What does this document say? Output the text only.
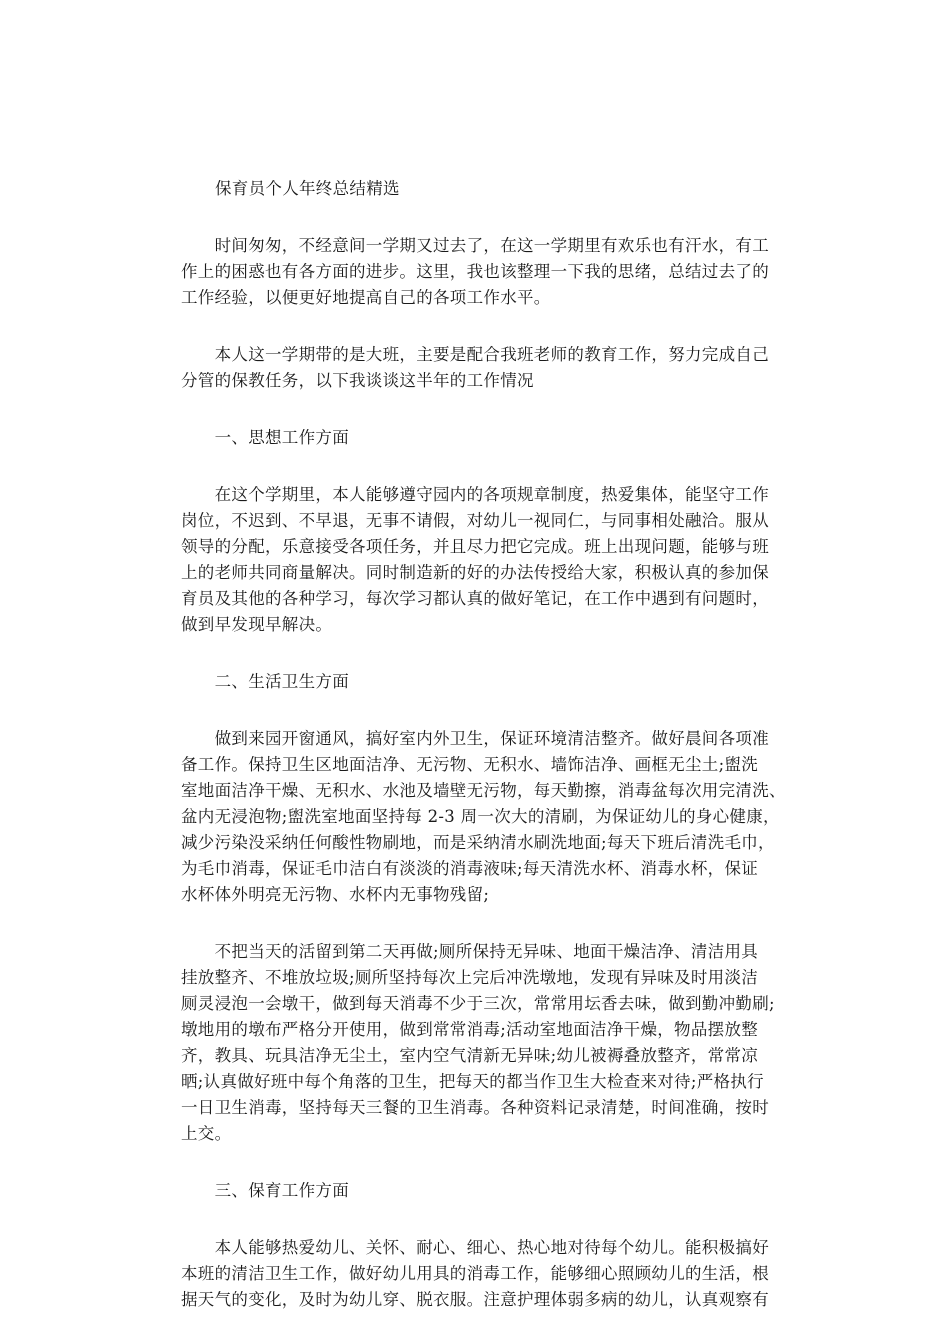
保育员个人年终总结精选
　　时间匆匆，不经意间一学期又过去了，在这一学期里有欢乐也有汗水，有工
作上的困惑也有各方面的进步。这里，我也该整理一下我的思绪，总结过去了的
工作经验，以便更好地提高自己的各项工作水平。
　　本人这一学期带的是大班，主要是配合我班老师的教育工作，努力完成自己
分管的保教任务，以下我谈谈这半年的工作情况
　　一、思想工作方面
　　在这个学期里，本人能够遵守园内的各项规章制度，热爱集体，能坚守工作
岗位，不迟到、不早退，无事不请假，对幼儿一视同仁，与同事相处融洽。服从
领导的分配，乐意接受各项任务，并且尽力把它完成。班上出现问题，能够与班
上的老师共同商量解决。同时制造新的好的办法传授给大家，积极认真的参加保
育员及其他的各种学习，每次学习都认真的做好笔记，在工作中遇到有问题时，
做到早发现早解决。
　　二、生活卫生方面
　　做到来园开窗通风，搞好室内外卫生，保证环境清洁整齐。做好晨间各项准
备工作。保持卫生区地面洁净、无污物、无积水、墙饰洁净、画框无尘土;盥洗
室地面洁净干燥、无积水、水池及墙壁无污物，每天勤擦，消毒盆每次用完清洗、
盆内无浸泡物;盥洗室地面坚持每 2-3 周一次大的清刷，为保证幼儿的身心健康，
减少污染没采纳任何酸性物刷地，而是采纳清水刷洗地面;每天下班后清洗毛巾，
为毛巾消毒，保证毛巾洁白有淡淡的消毒液味;每天清洗水杯、消毒水杯，保证
水杯体外明亮无污物、水杯内无事物残留;
　　不把当天的活留到第二天再做;厕所保持无异味、地面干燥洁净、清洁用具
挂放整齐、不堆放垃圾;厕所坚持每次上完后冲洗墩地，发现有异味及时用淡洁
厕灵浸泡一会墩干，做到每天消毒不少于三次，常常用坛香去味，做到勤冲勤刷;
墩地用的墩布严格分开使用，做到常常消毒;活动室地面洁净干燥，物品摆放整
齐，教具、玩具洁净无尘土，室内空气清新无异味;幼儿被褥叠放整齐，常常凉
晒;认真做好班中每个角落的卫生，把每天的都当作卫生大检查来对待;严格执行
一日卫生消毒，坚持每天三餐的卫生消毒。各种资料记录清楚，时间准确，按时
上交。
　　三、保育工作方面
　　本人能够热爱幼儿、关怀、耐心、细心、热心地对待每个幼儿。能积极搞好
本班的清洁卫生工作，做好幼儿用具的消毒工作，能够细心照顾幼儿的生活，根
据天气的变化，及时为幼儿穿、脱衣服。注意护理体弱多病的幼儿，认真观察有
